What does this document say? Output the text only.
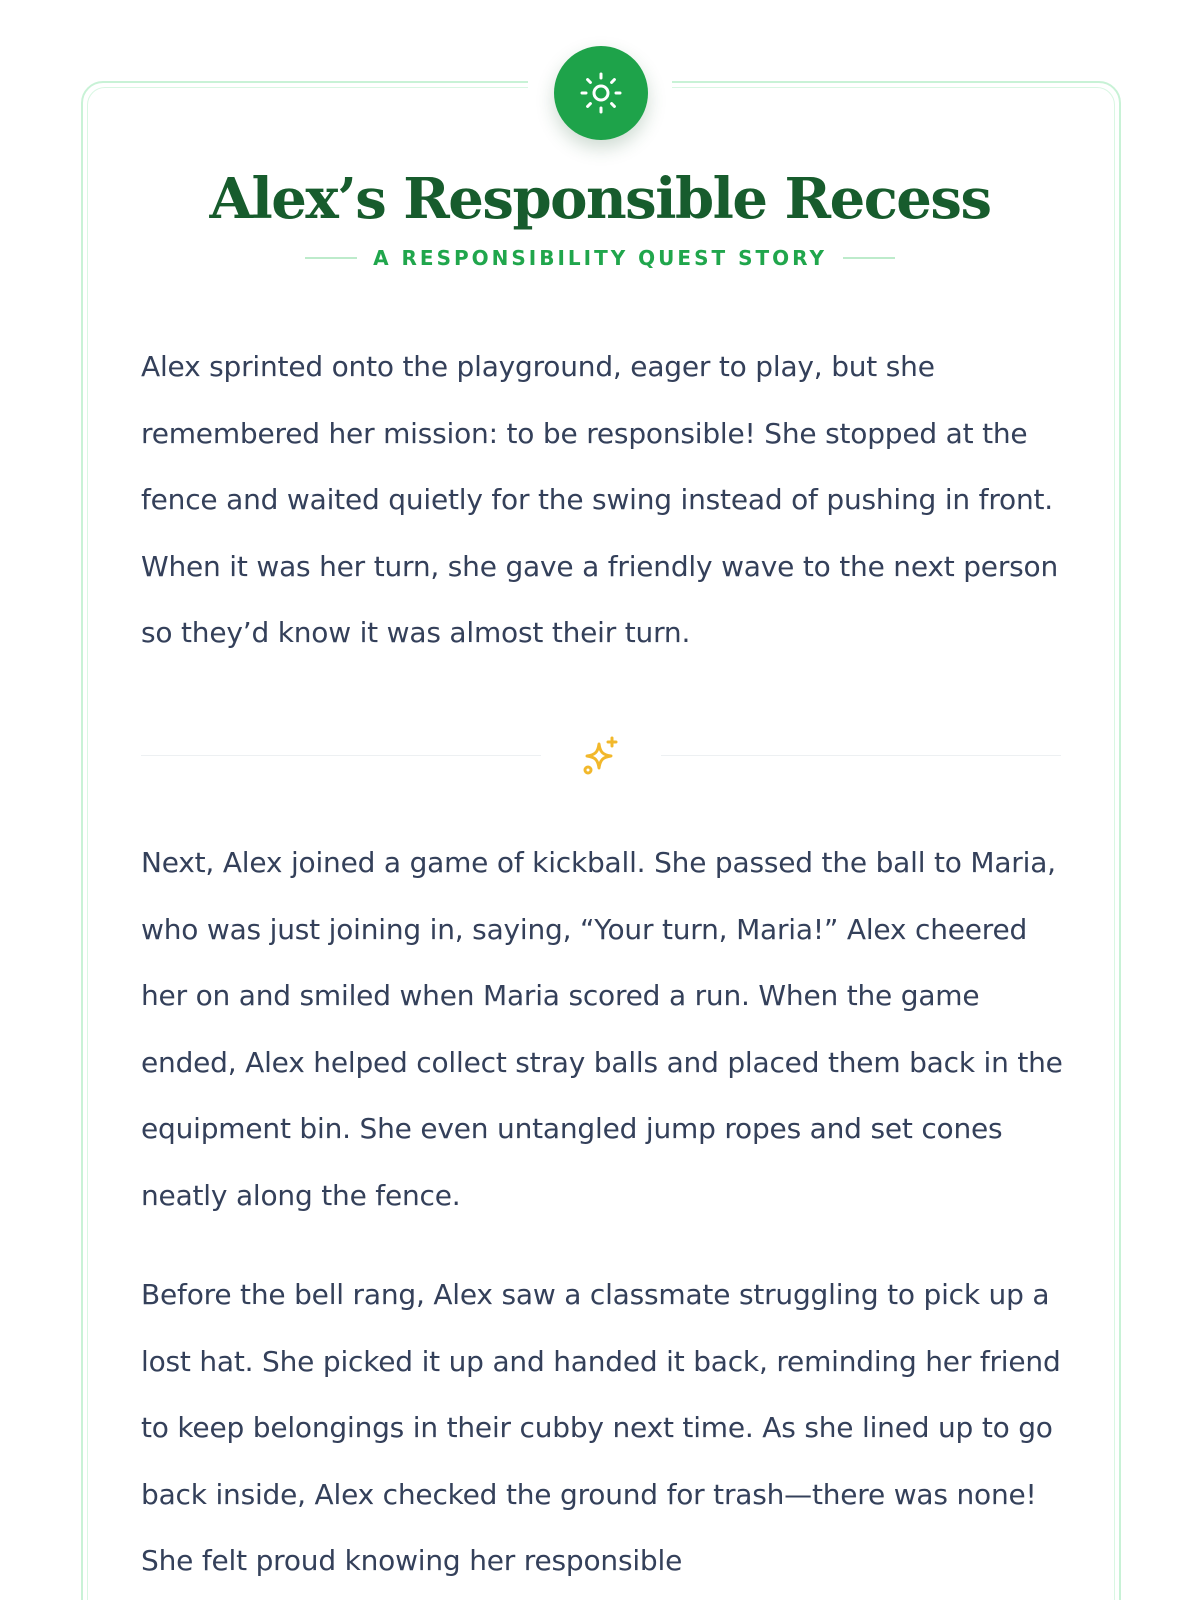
Alex’s Responsible Recess
A RESPONSIBILITY QUEST STORY

Alex sprinted onto the playground, eager to play, but she remembered her mission: to be responsible! She stopped at the fence and waited quietly for the swing instead of pushing in front. When it was her turn, she gave a friendly wave to the next person so they’d know it was almost their turn.

Next, Alex joined a game of kickball. She passed the ball to Maria, who was just joining in, saying, “Your turn, Maria!” Alex cheered her on and smiled when Maria scored a run. When the game ended, Alex helped collect stray balls and placed them back in the equipment bin. She even untangled jump ropes and set cones neatly along the fence.

Before the bell rang, Alex saw a classmate struggling to pick up a lost hat. She picked it up and handed it back, reminding her friend to keep belongings in their cubby next time. As she lined up to go back inside, Alex checked the ground for trash—there was none! She felt proud knowing her responsible
